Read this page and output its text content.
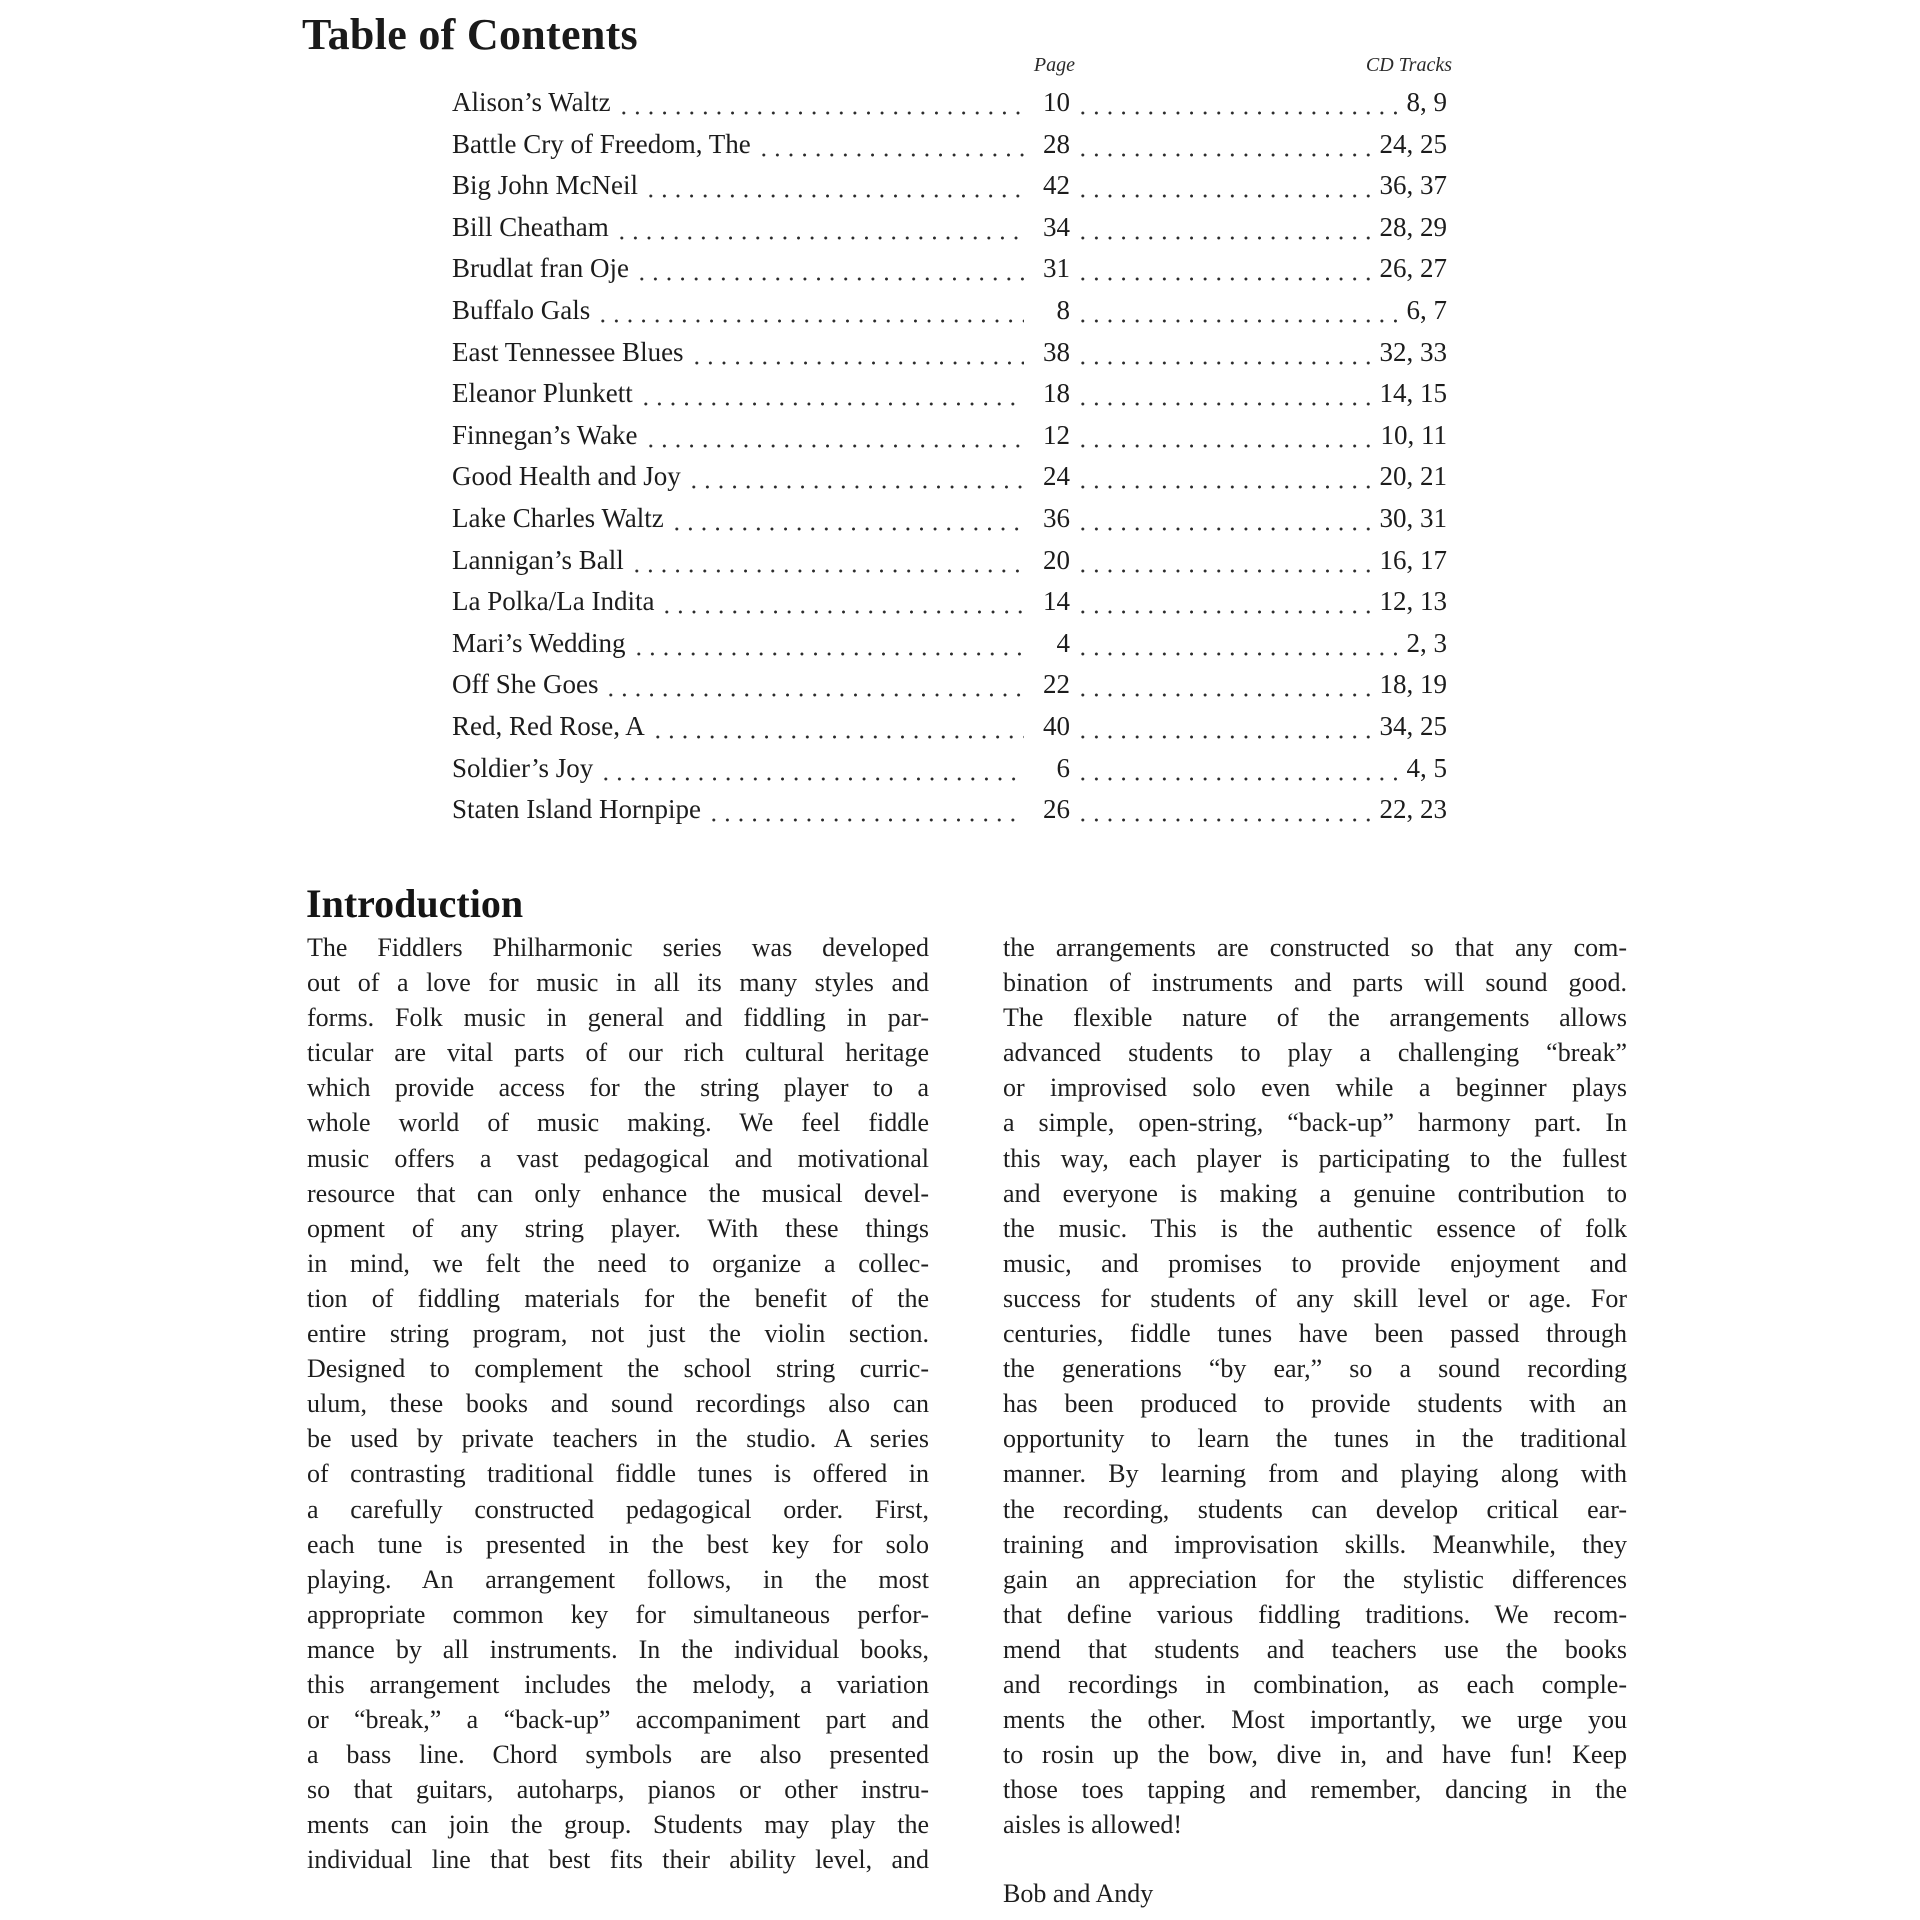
Table of Contents
Page	CD Tracks
Alison’s Waltz	10	8, 9
Battle Cry of Freedom, The	28	24, 25
Big John McNeil	42	36, 37
Bill Cheatham	34	28, 29
Brudlat fran Oje	31	26, 27
Buffalo Gals	8	6, 7
East Tennessee Blues	38	32, 33
Eleanor Plunkett	18	14, 15
Finnegan’s Wake	12	10, 11
Good Health and Joy	24	20, 21
Lake Charles Waltz	36	30, 31
Lannigan’s Ball	20	16, 17
La Polka/La Indita	14	12, 13
Mari’s Wedding	4	2, 3
Off She Goes	22	18, 19
Red, Red Rose, A	40	34, 25
Soldier’s Joy	6	4, 5
Staten Island Hornpipe	26	22, 23
Introduction
The Fiddlers Philharmonic series was developed
out of a love for music in all its many styles and
forms. Folk music in general and fiddling in par-
ticular are vital parts of our rich cultural heritage
which provide access for the string player to a
whole world of music making. We feel fiddle
music offers a vast pedagogical and motivational
resource that can only enhance the musical devel-
opment of any string player. With these things
in mind, we felt the need to organize a collec-
tion of fiddling materials for the benefit of the
entire string program, not just the violin section.
Designed to complement the school string curric-
ulum, these books and sound recordings also can
be used by private teachers in the studio. A series
of contrasting traditional fiddle tunes is offered in
a carefully constructed pedagogical order. First,
each tune is presented in the best key for solo
playing. An arrangement follows, in the most
appropriate common key for simultaneous perfor-
mance by all instruments. In the individual books,
this arrangement includes the melody, a variation
or “break,” a “back-up” accompaniment part and
a bass line. Chord symbols are also presented
so that guitars, autoharps, pianos or other instru-
ments can join the group. Students may play the
individual line that best fits their ability level, and
the arrangements are constructed so that any com-
bination of instruments and parts will sound good.
The flexible nature of the arrangements allows
advanced students to play a challenging “break”
or improvised solo even while a beginner plays
a simple, open-string, “back-up” harmony part. In
this way, each player is participating to the fullest
and everyone is making a genuine contribution to
the music. This is the authentic essence of folk
music, and promises to provide enjoyment and
success for students of any skill level or age. For
centuries, fiddle tunes have been passed through
the generations “by ear,” so a sound recording
has been produced to provide students with an
opportunity to learn the tunes in the traditional
manner. By learning from and playing along with
the recording, students can develop critical ear-
training and improvisation skills. Meanwhile, they
gain an appreciation for the stylistic differences
that define various fiddling traditions. We recom-
mend that students and teachers use the books
and recordings in combination, as each comple-
ments the other. Most importantly, we urge you
to rosin up the bow, dive in, and have fun! Keep
those toes tapping and remember, dancing in the
aisles is allowed!
Bob and Andy
